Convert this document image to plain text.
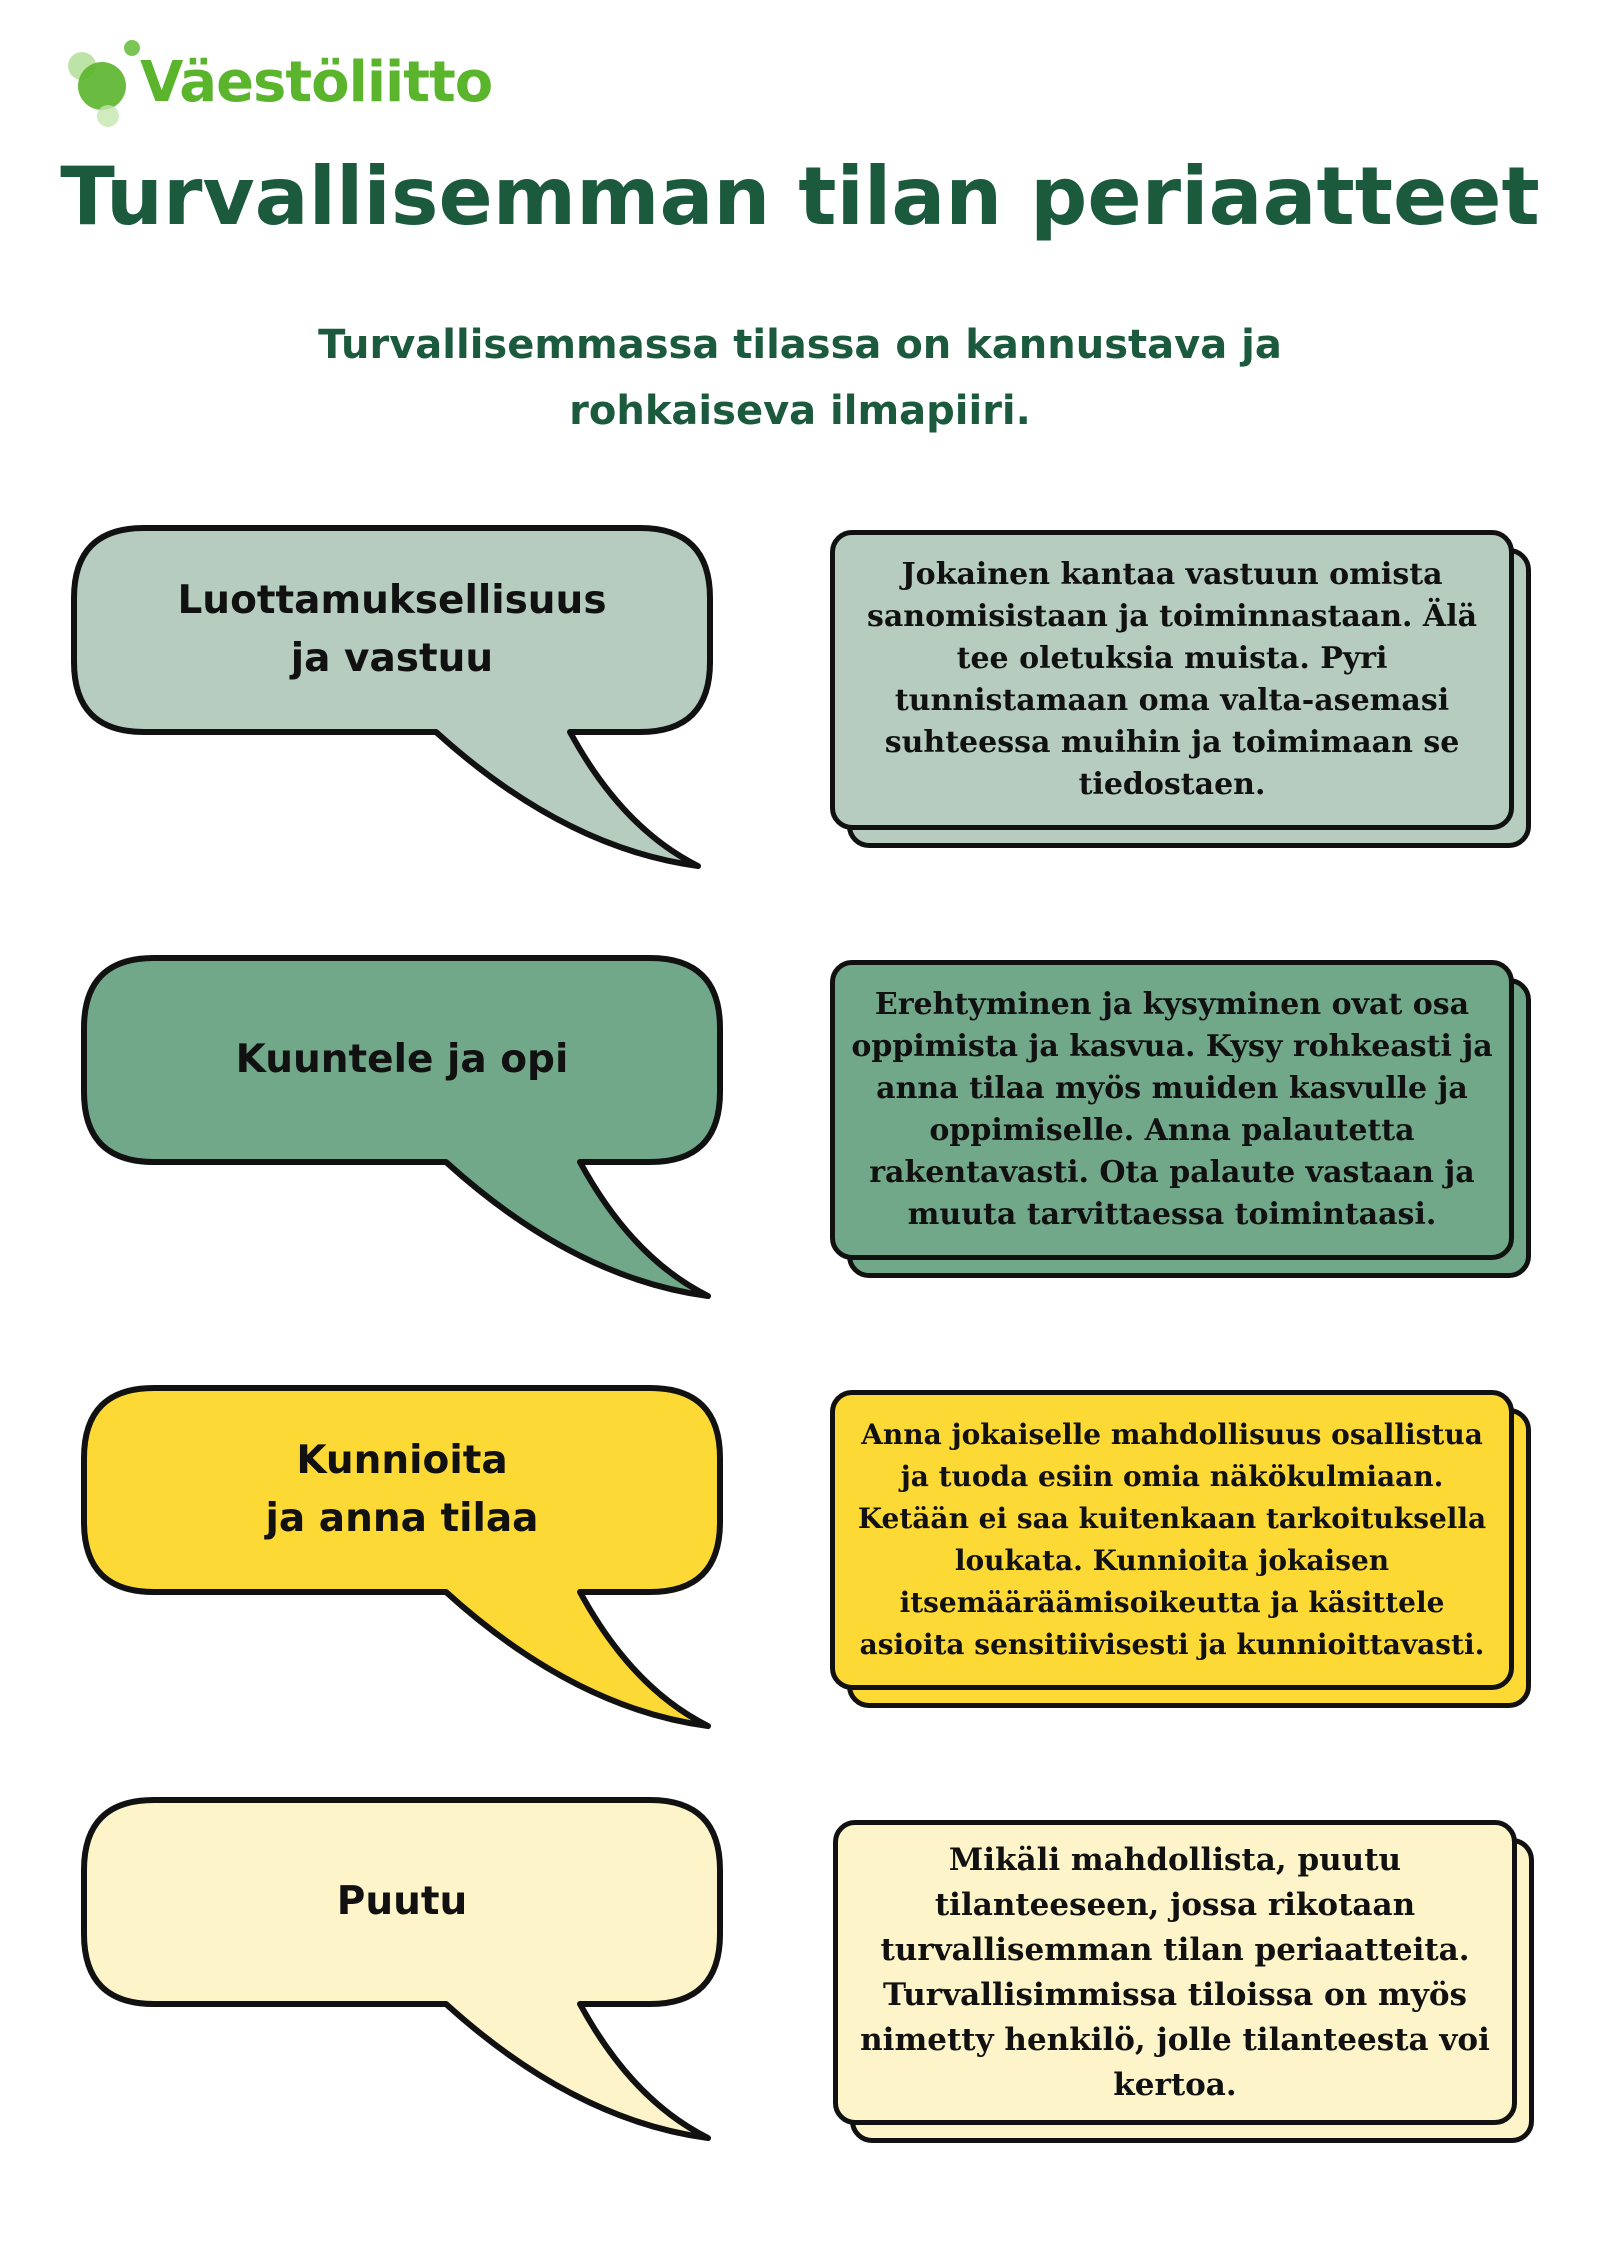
Väestöliitto
Turvallisemman tilan periaatteet
Turvallisemmassa tilassa on kannustava ja
rohkaiseva ilmapiiri.
Luottamuksellisuus
ja vastuu
Jokainen kantaa vastuun omista
sanomisistaan ja toiminnastaan. Älä
tee oletuksia muista. Pyri
tunnistamaan oma valta-asemasi
suhteessa muihin ja toimimaan se
tiedostaen.
Kuuntele ja opi
Erehtyminen ja kysyminen ovat osa
oppimista ja kasvua. Kysy rohkeasti ja
anna tilaa myös muiden kasvulle ja
oppimiselle. Anna palautetta
rakentavasti. Ota palaute vastaan ja
muuta tarvittaessa toimintaasi.
Kunnioita
ja anna tilaa
Anna jokaiselle mahdollisuus osallistua
ja tuoda esiin omia näkökulmiaan.
Ketään ei saa kuitenkaan tarkoituksella
loukata. Kunnioita jokaisen
itsemääräämisoikeutta ja käsittele
asioita sensitiivisesti ja kunnioittavasti.
Puutu
Mikäli mahdollista, puutu
tilanteeseen, jossa rikotaan
turvallisemman tilan periaatteita.
Turvallisimmissa tiloissa on myös
nimetty henkilö, jolle tilanteesta voi
kertoa.
